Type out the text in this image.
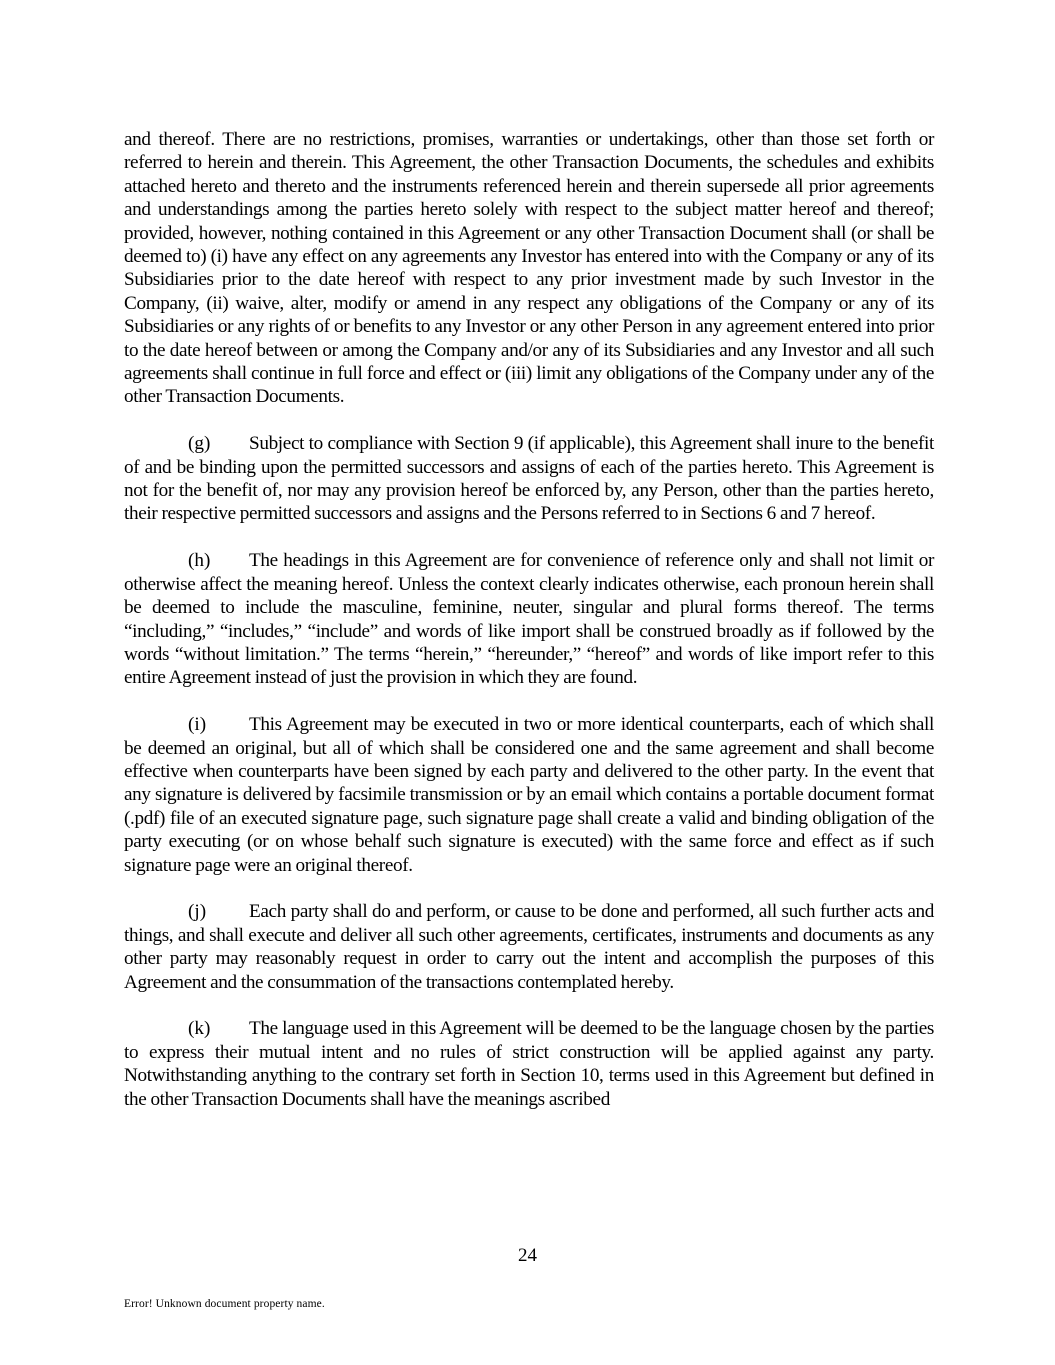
and thereof. There are no restrictions, promises, warranties or undertakings, other than those set forth or referred to herein and therein. This Agreement, the other Transaction Documents, the schedules and exhibits attached hereto and thereto and the instruments referenced herein and therein supersede all prior agreements and understandings among the parties hereto solely with respect to the subject matter hereof and thereof; provided, however, nothing contained in this Agreement or any other Transaction Document shall (or shall be deemed to) (i) have any effect on any agreements any Investor has entered into with the Company or any of its Subsidiaries prior to the date hereof with respect to any prior investment made by such Investor in the Company, (ii) waive, alter, modify or amend in any respect any obligations of the Company or any of its Subsidiaries or any rights of or benefits to any Investor or any other Person in any agreement entered into prior to the date hereof between or among the Company and/or any of its Subsidiaries and any Investor and all such agreements shall continue in full force and effect or (iii) limit any obligations of the Company under any of the other Transaction Documents.

(g) Subject to compliance with Section 9 (if applicable), this Agreement shall inure to the benefit of and be binding upon the permitted successors and assigns of each of the parties hereto. This Agreement is not for the benefit of, nor may any provision hereof be enforced by, any Person, other than the parties hereto, their respective permitted successors and assigns and the Persons referred to in Sections 6 and 7 hereof.

(h) The headings in this Agreement are for convenience of reference only and shall not limit or otherwise affect the meaning hereof. Unless the context clearly indicates otherwise, each pronoun herein shall be deemed to include the masculine, feminine, neuter, singular and plural forms thereof. The terms “including,” “includes,” “include” and words of like import shall be construed broadly as if followed by the words “without limitation.” The terms “herein,” “hereunder,” “hereof” and words of like import refer to this entire Agreement instead of just the provision in which they are found.

(i) This Agreement may be executed in two or more identical counterparts, each of which shall be deemed an original, but all of which shall be considered one and the same agreement and shall become effective when counterparts have been signed by each party and delivered to the other party. In the event that any signature is delivered by facsimile transmission or by an email which contains a portable document format (.pdf) file of an executed signature page, such signature page shall create a valid and binding obligation of the party executing (or on whose behalf such signature is executed) with the same force and effect as if such signature page were an original thereof.

(j) Each party shall do and perform, or cause to be done and performed, all such further acts and things, and shall execute and deliver all such other agreements, certificates, instruments and documents as any other party may reasonably request in order to carry out the intent and accomplish the purposes of this Agreement and the consummation of the transactions contemplated hereby.

(k) The language used in this Agreement will be deemed to be the language chosen by the parties to express their mutual intent and no rules of strict construction will be applied against any party. Notwithstanding anything to the contrary set forth in Section 10, terms used in this Agreement but defined in the other Transaction Documents shall have the meanings ascribed

24
Error! Unknown document property name.
